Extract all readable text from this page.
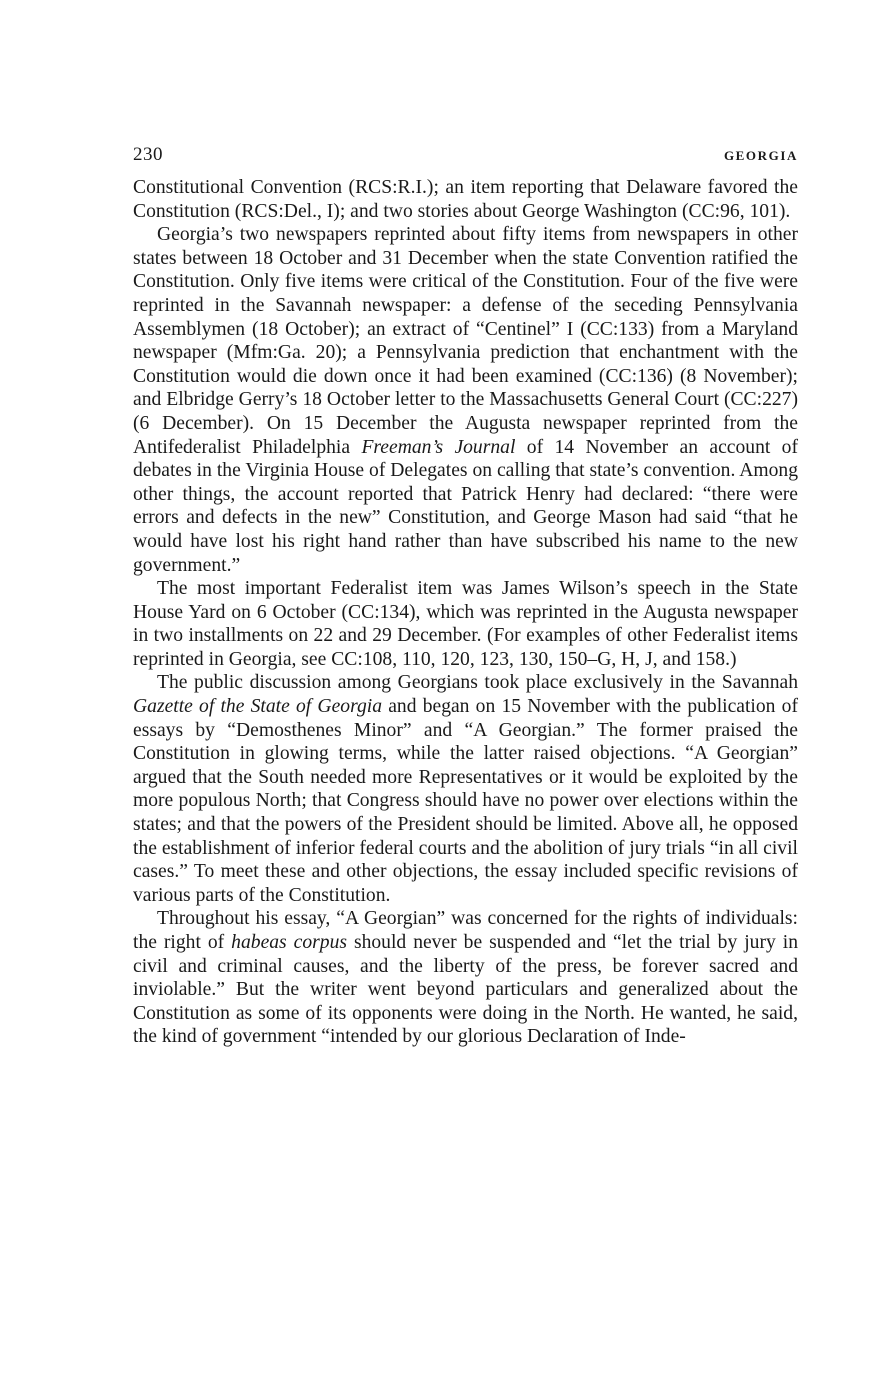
230	GEORGIA

Constitutional Convention (RCS:R.I.); an item reporting that Delaware favored the Constitution (RCS:Del., I); and two stories about George Washington (CC:96, 101).

Georgia’s two newspapers reprinted about fifty items from newspapers in other states between 18 October and 31 December when the state Convention ratified the Constitution. Only five items were critical of the Constitution. Four of the five were reprinted in the Savannah newspaper: a defense of the seceding Pennsylvania Assemblymen (18 October); an extract of “Centinel” I (CC:133) from a Maryland newspaper (Mfm:Ga. 20); a Pennsylvania prediction that enchantment with the Constitution would die down once it had been examined (CC:136) (8 November); and Elbridge Gerry’s 18 October letter to the Massachusetts General Court (CC:227) (6 December). On 15 December the Augusta newspaper reprinted from the Antifederalist Philadelphia Freeman’s Journal of 14 November an account of debates in the Virginia House of Delegates on calling that state’s convention. Among other things, the account reported that Patrick Henry had declared: “there were errors and defects in the new” Constitution, and George Mason had said “that he would have lost his right hand rather than have subscribed his name to the new government.”

The most important Federalist item was James Wilson’s speech in the State House Yard on 6 October (CC:134), which was reprinted in the Augusta newspaper in two installments on 22 and 29 December. (For examples of other Federalist items reprinted in Georgia, see CC:108, 110, 120, 123, 130, 150–G, H, J, and 158.)

The public discussion among Georgians took place exclusively in the Savannah Gazette of the State of Georgia and began on 15 November with the publication of essays by “Demosthenes Minor” and “A Georgian.” The former praised the Constitution in glowing terms, while the latter raised objections. “A Georgian” argued that the South needed more Representatives or it would be exploited by the more populous North; that Congress should have no power over elections within the states; and that the powers of the President should be limited. Above all, he opposed the establishment of inferior federal courts and the abolition of jury trials “in all civil cases.” To meet these and other objections, the essay included specific revisions of various parts of the Constitution.

Throughout his essay, “A Georgian” was concerned for the rights of individuals: the right of habeas corpus should never be suspended and “let the trial by jury in civil and criminal causes, and the liberty of the press, be forever sacred and inviolable.” But the writer went beyond particulars and generalized about the Constitution as some of its opponents were doing in the North. He wanted, he said, the kind of government “intended by our glorious Declaration of Inde-
